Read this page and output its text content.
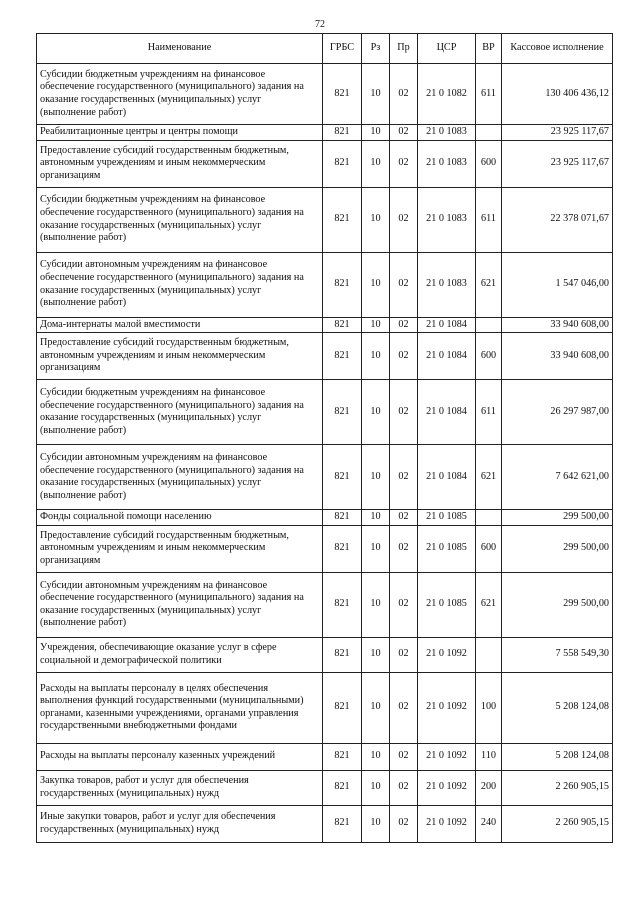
72
Наименование	ГРБС	Рз	Пр	ЦСР	ВР	Кассовое исполнение
Субсидии бюджетным учреждениям на финансовое обеспечение государственного (муниципального) задания на оказание государственных (муниципальных) услуг (выполнение работ)	821	10	02	21 0 1082	611	130 406 436,12
Реабилитационные центры и центры помощи	821	10	02	21 0 1083		23 925 117,67
Предоставление субсидий государственным бюджетным, автономным учреждениям и иным некоммерческим организациям	821	10	02	21 0 1083	600	23 925 117,67
Субсидии бюджетным учреждениям на финансовое обеспечение государственного (муниципального) задания на оказание государственных (муниципальных) услуг (выполнение работ)	821	10	02	21 0 1083	611	22 378 071,67
Субсидии автономным учреждениям на финансовое обеспечение государственного (муниципального) задания на оказание государственных (муниципальных) услуг (выполнение работ)	821	10	02	21 0 1083	621	1 547 046,00
Дома-интернаты малой вместимости	821	10	02	21 0 1084		33 940 608,00
Предоставление субсидий государственным бюджетным, автономным учреждениям и иным некоммерческим организациям	821	10	02	21 0 1084	600	33 940 608,00
Субсидии бюджетным учреждениям на финансовое обеспечение государственного (муниципального) задания на оказание государственных (муниципальных) услуг (выполнение работ)	821	10	02	21 0 1084	611	26 297 987,00
Субсидии автономным учреждениям на финансовое обеспечение государственного (муниципального) задания на оказание государственных (муниципальных) услуг (выполнение работ)	821	10	02	21 0 1084	621	7 642 621,00
Фонды социальной помощи населению	821	10	02	21 0 1085		299 500,00
Предоставление субсидий государственным бюджетным, автономным учреждениям и иным некоммерческим организациям	821	10	02	21 0 1085	600	299 500,00
Субсидии автономным учреждениям на финансовое обеспечение государственного (муниципального) задания на оказание государственных (муниципальных) услуг (выполнение работ)	821	10	02	21 0 1085	621	299 500,00
Учреждения, обеспечивающие оказание услуг в сфере социальной и демографической политики	821	10	02	21 0 1092		7 558 549,30
Расходы на выплаты персоналу в целях обеспечения выполнения функций государственными (муниципальными) органами, казенными учреждениями, органами управления государственными внебюджетными фондами	821	10	02	21 0 1092	100	5 208 124,08
Расходы на выплаты персоналу казенных учреждений	821	10	02	21 0 1092	110	5 208 124,08
Закупка товаров, работ и услуг для обеспечения государственных (муниципальных) нужд	821	10	02	21 0 1092	200	2 260 905,15
Иные закупки товаров, работ и услуг для обеспечения государственных (муниципальных) нужд	821	10	02	21 0 1092	240	2 260 905,15
